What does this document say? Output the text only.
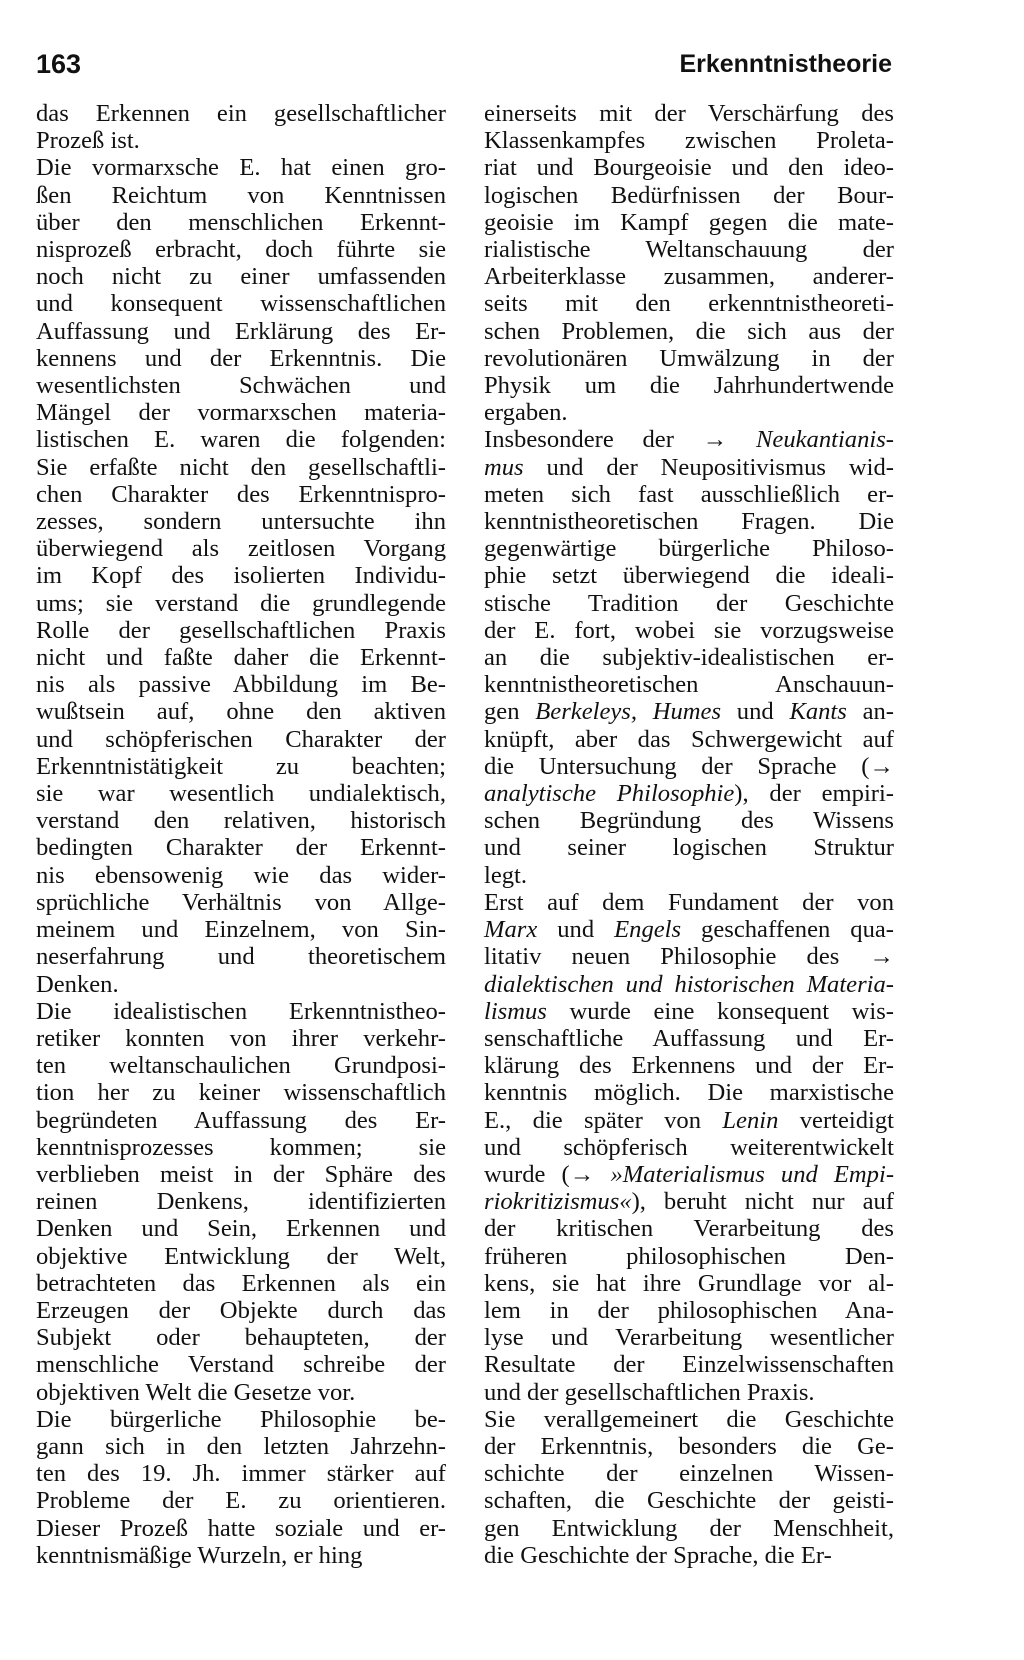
163	Erkenntnistheorie
das Erkennen ein gesellschaftlicher
Prozeß ist.
Die vormarxsche E. hat einen gro-
ßen Reichtum von Kenntnissen
über den menschlichen Erkennt-
nisprozeß erbracht, doch führte sie
noch nicht zu einer umfassenden
und konsequent wissenschaftlichen
Auffassung und Erklärung des Er-
kennens und der Erkenntnis. Die
wesentlichsten Schwächen und
Mängel der vormarxschen materia-
listischen E. waren die folgenden:
Sie erfaßte nicht den gesellschaftli-
chen Charakter des Erkenntnispro-
zesses, sondern untersuchte ihn
überwiegend als zeitlosen Vorgang
im Kopf des isolierten Individu-
ums; sie verstand die grundlegende
Rolle der gesellschaftlichen Praxis
nicht und faßte daher die Erkennt-
nis als passive Abbildung im Be-
wußtsein auf, ohne den aktiven
und schöpferischen Charakter der
Erkenntnistätigkeit zu beachten;
sie war wesentlich undialektisch,
verstand den relativen, historisch
bedingten Charakter der Erkennt-
nis ebensowenig wie das wider-
sprüchliche Verhältnis von Allge-
meinem und Einzelnem, von Sin-
neserfahrung und theoretischem
Denken.
Die idealistischen Erkenntnistheo-
retiker konnten von ihrer verkehr-
ten weltanschaulichen Grundposi-
tion her zu keiner wissenschaftlich
begründeten Auffassung des Er-
kenntnisprozesses kommen; sie
verblieben meist in der Sphäre des
reinen Denkens, identifizierten
Denken und Sein, Erkennen und
objektive Entwicklung der Welt,
betrachteten das Erkennen als ein
Erzeugen der Objekte durch das
Subjekt oder behaupteten, der
menschliche Verstand schreibe der
objektiven Welt die Gesetze vor.
Die bürgerliche Philosophie be-
gann sich in den letzten Jahrzehn-
ten des 19. Jh. immer stärker auf
Probleme der E. zu orientieren.
Dieser Prozeß hatte soziale und er-
kenntnismäßige Wurzeln, er hing
einerseits mit der Verschärfung des
Klassenkampfes zwischen Proleta-
riat und Bourgeoisie und den ideo-
logischen Bedürfnissen der Bour-
geoisie im Kampf gegen die mate-
rialistische Weltanschauung der
Arbeiterklasse zusammen, anderer-
seits mit den erkenntnistheoreti-
schen Problemen, die sich aus der
revolutionären Umwälzung in der
Physik um die Jahrhundertwende
ergaben.
Insbesondere der → Neukantianis-
mus und der Neupositivismus wid-
meten sich fast ausschließlich er-
kenntnistheoretischen Fragen. Die
gegenwärtige bürgerliche Philoso-
phie setzt überwiegend die ideali-
stische Tradition der Geschichte
der E. fort, wobei sie vorzugsweise
an die subjektiv-idealistischen er-
kenntnistheoretischen Anschauun-
gen Berkeleys, Humes und Kants an-
knüpft, aber das Schwergewicht auf
die Untersuchung der Sprache (→
analytische Philosophie), der empiri-
schen Begründung des Wissens
und seiner logischen Struktur
legt.
Erst auf dem Fundament der von
Marx und Engels geschaffenen qua-
litativ neuen Philosophie des →
dialektischen und historischen Materia-
lismus wurde eine konsequent wis-
senschaftliche Auffassung und Er-
klärung des Erkennens und der Er-
kenntnis möglich. Die marxistische
E., die später von Lenin verteidigt
und schöpferisch weiterentwickelt
wurde (→ »Materialismus und Empi-
riokritizismus«), beruht nicht nur auf
der kritischen Verarbeitung des
früheren philosophischen Den-
kens, sie hat ihre Grundlage vor al-
lem in der philosophischen Ana-
lyse und Verarbeitung wesentlicher
Resultate der Einzelwissenschaften
und der gesellschaftlichen Praxis.
Sie verallgemeinert die Geschichte
der Erkenntnis, besonders die Ge-
schichte der einzelnen Wissen-
schaften, die Geschichte der geisti-
gen Entwicklung der Menschheit,
die Geschichte der Sprache, die Er-
